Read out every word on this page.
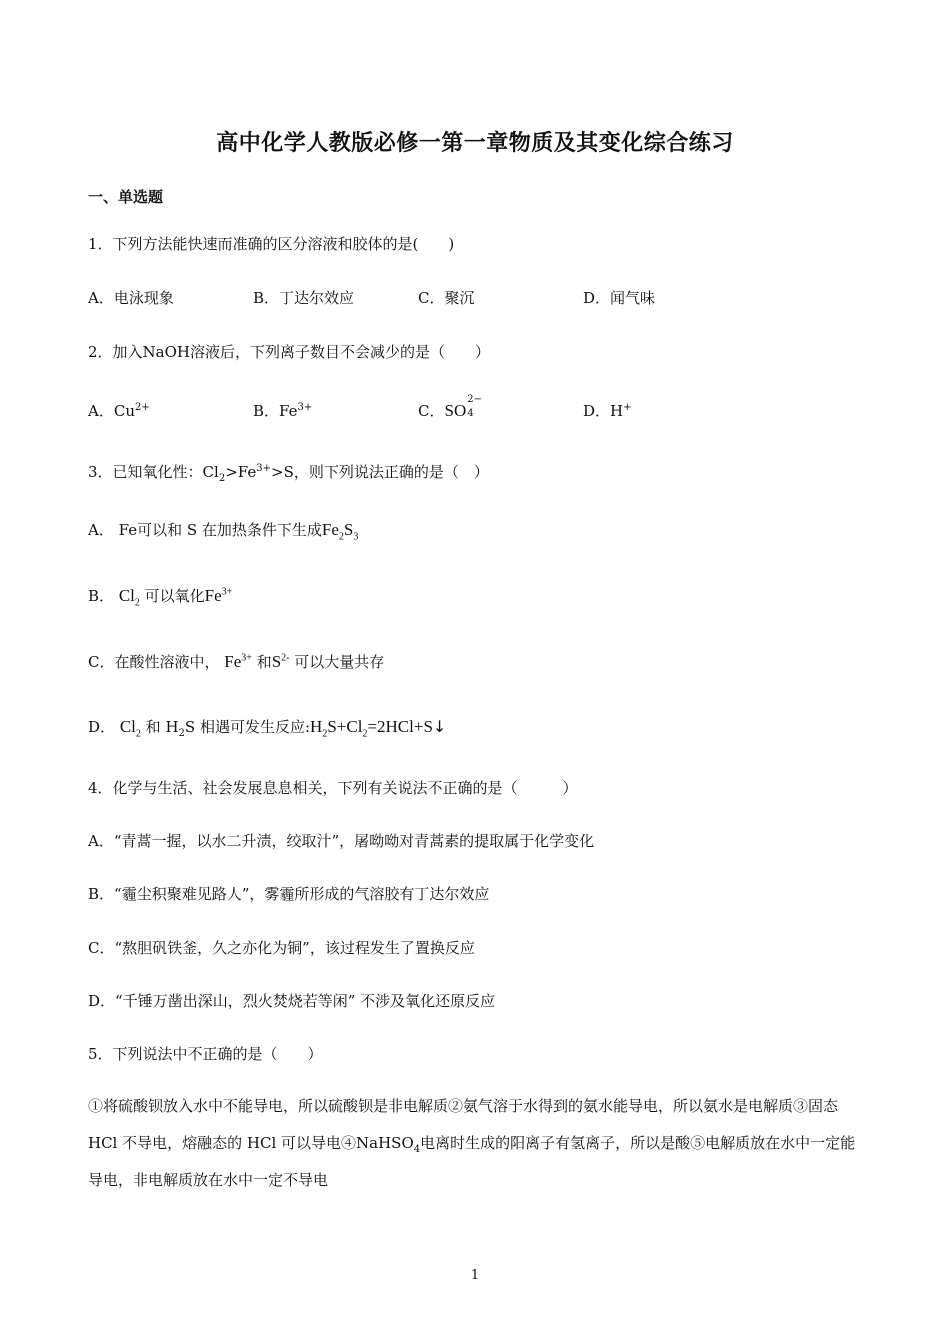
高中化学人教版必修一第一章物质及其变化综合练习
一、单选题
1．下列方法能快速而准确的区分溶液和胶体的是(　　)
A．电泳现象	B．丁达尔效应	C．聚沉	D．闻气味
2．加入NaOH溶液后，下列离子数目不会减少的是（　　）
A．$Cu^{2+}$	B．$Fe^{3+}$	C．SO
2−
4	D．H+
3．已知氧化性：$Cl_2>Fe^{3+}>S$，则下列说法正确的是（　）
A． Fe可以和 S 在加热条件下生成$Fe_2S_3$
B． $Cl_2$ 可以氧化$Fe^{3+}$
C．在酸性溶液中， $Fe^{3+}$ 和$S^{2-}$ 可以大量共存
D． $Cl_2$ 和 $H_2S$ 相遇可发生反应$:H_2S+Cl_2=2HCl+S↓$
4．化学与生活、社会发展息息相关，下列有关说法不正确的是（　　　）
A．“青蒿一握，以水二升渍，绞取汁”，屠呦呦对青蒿素的提取属于化学变化
B．“霾尘积聚难见路人”，雾霾所形成的气溶胶有丁达尔效应
C．“熬胆矾铁釜，久之亦化为铜”，该过程发生了置换反应
D．“千锤万凿出深山，烈火焚烧若等闲” 不涉及氧化还原反应
5．下列说法中不正确的是（　　）
①将硫酸钡放入水中不能导电，所以硫酸钡是非电解质②氨气溶于水得到的氨水能导电，所以氨水是电解质③固态 HCl 不导电，熔融态的 HCl 可以导电④NaHSO$_4$电离时生成的阳离子有氢离子，所以是酸⑤电解质放在水中一定能导电，非电解质放在水中一定不导电
1
